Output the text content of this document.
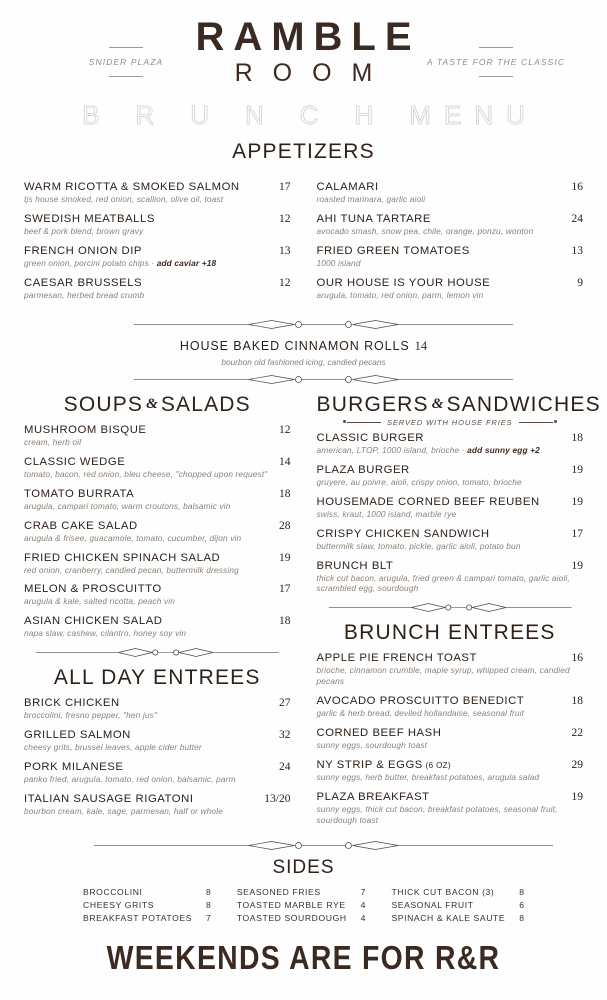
SNIDER PLAZA	A TASTE FOR THE CLASSIC
RAMBLE
ROOM
BRUNCHMENU
APPETIZERS
WARM RICOTTA & SMOKED SALMON	17
tjs house smoked, red onion, scallion, olive oil, toast
SWEDISH MEATBALLS	12
beef & pork blend, brown gravy
FRENCH ONION DIP	13
green onion, porcini potato chips · add caviar +18
CAESAR BRUSSELS	12
parmesan, herbed bread crumb
CALAMARI	16
roasted marinara, garlic aioli
AHI TUNA TARTARE	24
avocado smash, snow pea, chile, orange, ponzu, wonton
FRIED GREEN TOMATOES	13
1000 island
OUR HOUSE IS YOUR HOUSE	9
arugula, tomato, red onion, parm, lemon vin
HOUSE BAKED CINNAMON ROLLS 14
bourbon old fashioned icing, candied pecans
SOUPS & SALADS
MUSHROOM BISQUE	12
cream, herb oil
CLASSIC WEDGE	14
tomato, bacon, red onion, bleu cheese, "chopped upon request"
TOMATO BURRATA	18
arugula, campari tomato, warm croutons, balsamic vin
CRAB CAKE SALAD	28
arugula & frisee, guacamole, tomato, cucumber, dijon vin
FRIED CHICKEN SPINACH SALAD	19
red onion, cranberry, candied pecan, buttermilk dressing
MELON & PROSCUITTO	17
arugula & kale, salted ricotta, peach vin
ASIAN CHICKEN SALAD	18
napa slaw, cashew, cilantro, honey soy vin
ALL DAY ENTREES
BRICK CHICKEN	27
broccolini, fresno pepper, "hen jus"
GRILLED SALMON	32
cheesy grits, brussel leaves, apple cider butter
PORK MILANESE	24
panko fried, arugula, tomato, red onion, balsamic, parm
ITALIAN SAUSAGE RIGATONI	13/20
bourbon cream, kale, sage, parmesan, half or whole
BURGERS & SANDWICHES
SERVED WITH HOUSE FRIES
CLASSIC BURGER	18
american, LTOP, 1000 island, brioche · add sunny egg +2
PLAZA BURGER	19
gruyere, au poivre, aioli, crispy onion, tomato, brioche
HOUSEMADE CORNED BEEF REUBEN	19
swiss, kraut, 1000 island, marble rye
CRISPY CHICKEN SANDWICH	17
buttermilk slaw, tomato, pickle, garlic aioli, potato bun
BRUNCH BLT	19
thick cut bacon, arugula, fried green & campari tomato, garlic aioli, scrambled egg, sourdough
BRUNCH ENTREES
APPLE PIE FRENCH TOAST	16
brioche, cinnamon crumble, maple syrup, whipped cream, candied pecans
AVOCADO PROSCUITTO BENEDICT	18
garlic & herb bread, deviled hollandaise, seasonal fruit
CORNED BEEF HASH	22
sunny eggs, sourdough toast
NY STRIP & EGGS (6 OZ)	29
sunny eggs, herb butter, breakfast potatoes, arugula salad
PLAZA BREAKFAST	19
sunny eggs, thick cut bacon, breakfast potatoes, seasonal fruit, sourdough toast
SIDES
BROCCOLINI	8
CHEESY GRITS	8
BREAKFAST POTATOES	7
SEASONED FRIES	7
TOASTED MARBLE RYE	4
TOASTED SOURDOUGH	4
THICK CUT BACON (3)	8
SEASONAL FRUIT	6
SPINACH & KALE SAUTE	8
WEEKENDS ARE FOR R&R
